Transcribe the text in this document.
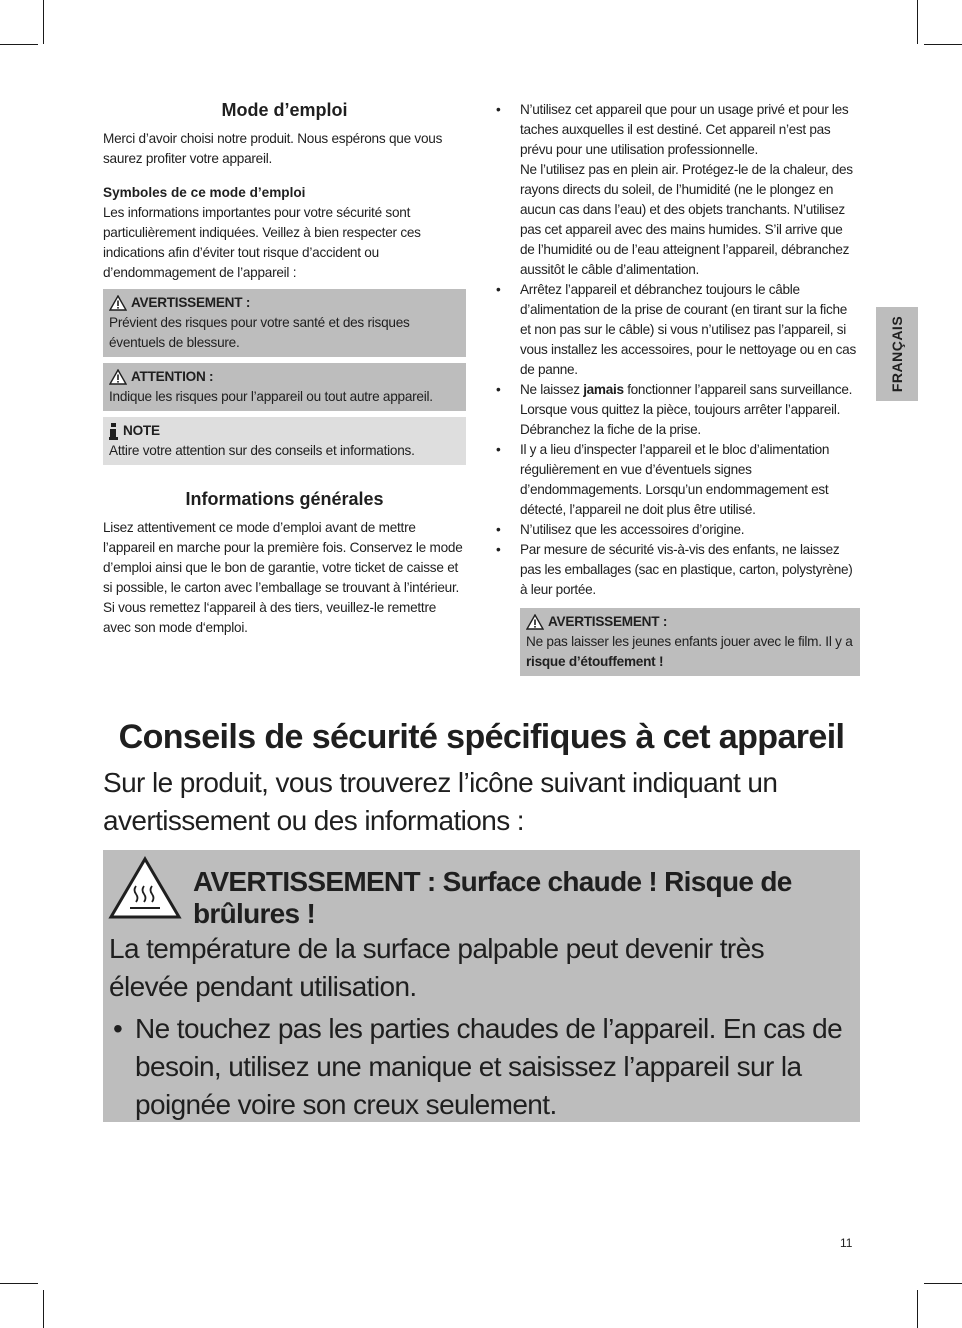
Mode d’emploi

Merci d’avoir choisi notre produit. Nous espérons que vous saurez profiter votre appareil.

Symboles de ce mode d’emploi

Les informations importantes pour votre sécurité sont particulièrement indiquées. Veillez à bien respecter ces indications afin d’éviter tout risque d’accident ou d’endommagement de l’appareil :

AVERTISSEMENT :
Prévient des risques pour votre santé et des risques éventuels de blessure.
ATTENTION :
Indique les risques pour l’appareil ou tout autre appareil.
NOTE
Attire votre attention sur des conseils et informations.
Informations générales

Lisez attentivement ce mode d’emploi avant de mettre l’appareil en marche pour la première fois. Conservez le mode d’emploi ainsi que le bon de garantie, votre ticket de caisse et si possible, le carton avec l’emballage se trouvant à l’intérieur. Si vous remettez l‘appareil à des tiers, veuillez-le remettre avec son mode d‘emploi.

• N’utilisez cet appareil que pour un usage privé et pour les taches auxquelles il est destiné. Cet appareil n’est pas prévu pour une utilisation professionnelle.

Ne l’utilisez pas en plein air. Protégez-le de la chaleur, des rayons directs du soleil, de l’humidité (ne le plongez en aucun cas dans l’eau) et des objets tranchants. N’utilisez pas cet appareil avec des mains humides. S’il arrive que de l’humidité ou de l’eau atteignent l’appareil, débranchez aussitôt le câble d’alimentation.

• Arrêtez l’appareil et débranchez toujours le câble d’alimentation de la prise de courant (en tirant sur la fiche et non pas sur le câble) si vous n’utilisez pas l’appareil, si vous installez les accessoires, pour le nettoyage ou en cas de panne.

• Ne laissez jamais fonctionner l’appareil sans surveillance. Lorsque vous quittez la pièce, toujours arrêter l’appareil. Débranchez la fiche de la prise.

• Il y a lieu d’inspecter l’appareil et le bloc d’alimentation régulièrement en vue d’éventuels signes d’endommagements. Lorsqu’un endommagement est détecté, l’appareil ne doit plus être utilisé.

• N’utilisez que les accessoires d’origine.

• Par mesure de sécurité vis-à-vis des enfants, ne laissez pas les emballages (sac en plastique, carton, polystyrène) à leur portée.

AVERTISSEMENT :
Ne pas laisser les jeunes enfants jouer avec le film. Il y a risque d’étouffement !
FRANÇAIS
Conseils de sécurité spécifiques à cet appareil

Sur le produit, vous trouverez l’icône suivant indiquant un avertissement ou des informations :

AVERTISSEMENT : Surface chaude ! Risque de brûlures !

La température de la surface palpable peut devenir très élevée pendant utilisation.

• Ne touchez pas les parties chaudes de l’appareil. En cas de besoin, utilisez une manique et saisissez l’appareil sur la poignée voire son creux seulement.

11
